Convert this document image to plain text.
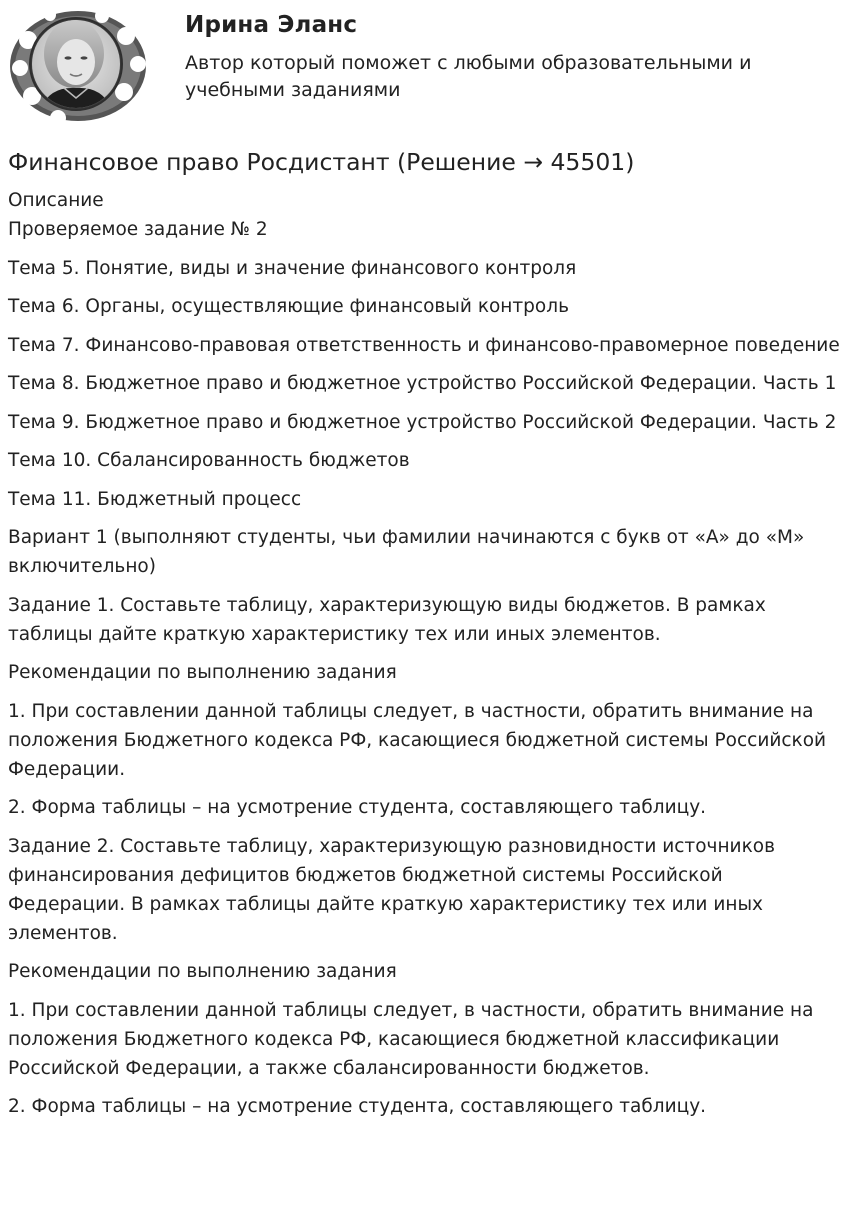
Ирина Эланс
Автор который поможет с любыми образовательными и учебными заданиями
Финансовое право Росдистант (Решение → 45501)

Описание

Проверяемое задание № 2

Тема 5. Понятие, виды и значение финансового контроля

Тема 6. Органы, осуществляющие финансовый контроль

Тема 7. Финансово-правовая ответственность и финансово-правомерное поведение

Тема 8. Бюджетное право и бюджетное устройство Российской Федерации. Часть 1

Тема 9. Бюджетное право и бюджетное устройство Российской Федерации. Часть 2

Тема 10. Сбалансированность бюджетов

Тема 11. Бюджетный процесс

Вариант 1 (выполняют студенты, чьи фамилии начинаются с букв от «А» до «М» включительно)

Задание 1. Составьте таблицу, характеризующую виды бюджетов. В рамках таблицы дайте краткую характеристику тех или иных элементов.

Рекомендации по выполнению задания

1. При составлении данной таблицы следует, в частности, обратить внимание на положения Бюджетного кодекса РФ, касающиеся бюджетной системы Российской Федерации.

2. Форма таблицы – на усмотрение студента, составляющего таблицу.

Задание 2. Составьте таблицу, характеризующую разновидности источников финансирования дефицитов бюджетов бюджетной системы Российской Федерации. В рамках таблицы дайте краткую характеристику тех или иных элементов.

Рекомендации по выполнению задания

1. При составлении данной таблицы следует, в частности, обратить внимание на положения Бюджетного кодекса РФ, касающиеся бюджетной классификации Российской Федерации, а также сбалансированности бюджетов.

2. Форма таблицы – на усмотрение студента, составляющего таблицу.
